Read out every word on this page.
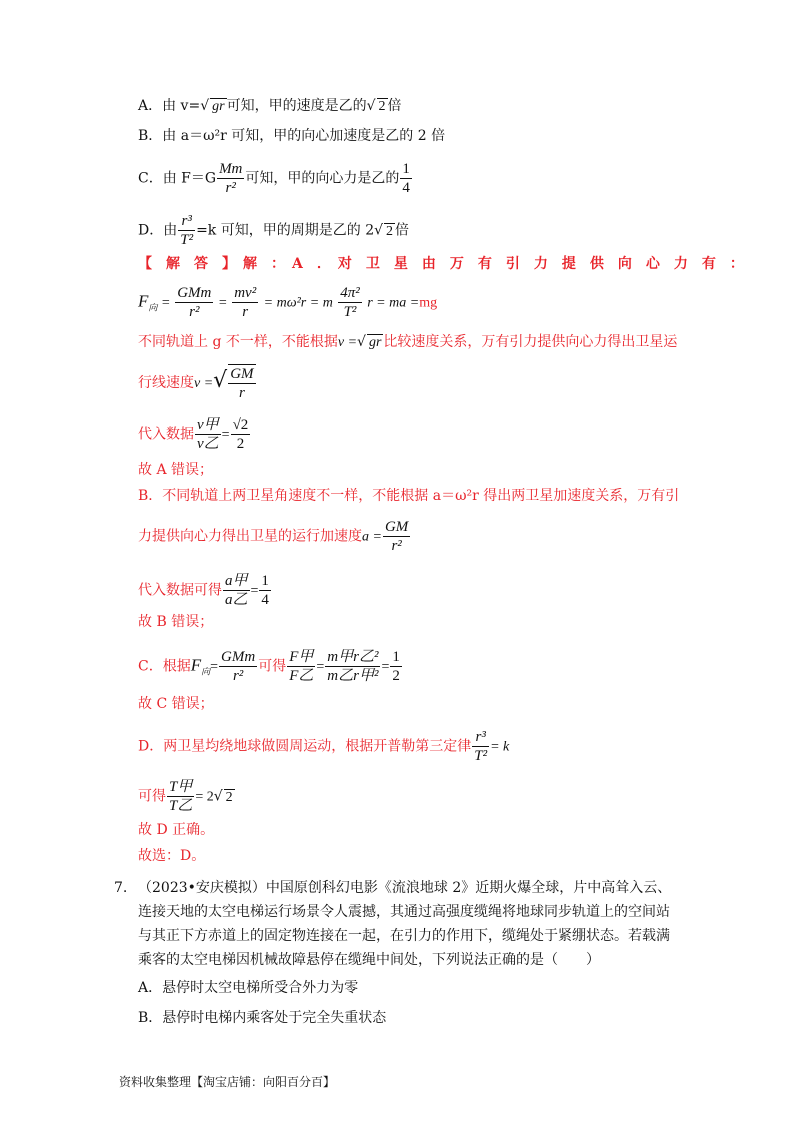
A．由 v=√ gr 可知，甲的速度是乙的√ 2 倍
B．由 a＝ω²r 可知，甲的向心加速度是乙的 2 倍
C．由 $F=G \frac{Mm}{\text{r²}}$ 可知，甲的向心力是乙的 $\frac{1}{4}$
D．由 $\frac{\text{r³}}{\text{T²}} =k$ 可知，甲的周期是乙的 2√ 2 倍
【　解　答　】　解　：　A　．　对　卫　星　由　万　有　引　力　提　供　向　心　力　有　：
$F_向 = \frac{\text{GMm}}{\text{r²}} = \frac{\text{mv²}}{r} = m\omega^2r = m \frac{\text{4π²}}{\text{T²}}$ r = ma =mg
不同轨道上 g 不一样，不能根据v =√ gr 比较速度关系，万有引力提供向心力得出卫星运
行线速度v =√ $\frac{GM}{r}$
代入数据 $\frac{\text{v甲}}{\text{v乙}} = \frac{√2}{2}$
故 A 错误；
B．不同轨道上两卫星角速度不一样，不能根据 a＝ω²r 得出两卫星加速度关系，万有引
力提供向心力得出卫星的运行加速度$a = \frac{GM}{\text{r²}}$
代入数据可得 $\frac{\text{a甲}}{\text{a乙}} = \frac{1}{4}$
故 B 错误；
C．根据$F_向= \frac{\text{GMm}}{\text{r²}}$ 可得 $\frac{\text{F甲}}{\text{F乙}} = \frac{\text{m甲r乙²}}{\text{m乙r甲²}} = \frac{1}{2}$
故 C 错误；
D．两卫星均绕地球做圆周运动，根据开普勒第三定律 $\frac{\text{r³}}{\text{T²}} = k$
可得 $\frac{\text{T甲}}{\text{T乙}} = 2√$ 2
故 D 正确。
故选：D。
7. （2023•安庆模拟）中国原创科幻电影《流浪地球 2》近期火爆全球，片中高耸入云、连接天地的太空电梯运行场景令人震撼，其通过高强度缆绳将地球同步轨道上的空间站与其正下方赤道上的固定物连接在一起，在引力的作用下，缆绳处于紧绷状态。若载满乘客的太空电梯因机械故障悬停在缆绳中间处，下列说法正确的是（　　）
A．悬停时太空电梯所受合外力为零
B．悬停时电梯内乘客处于完全失重状态
资料收集整理【淘宝店铺：向阳百分百】
